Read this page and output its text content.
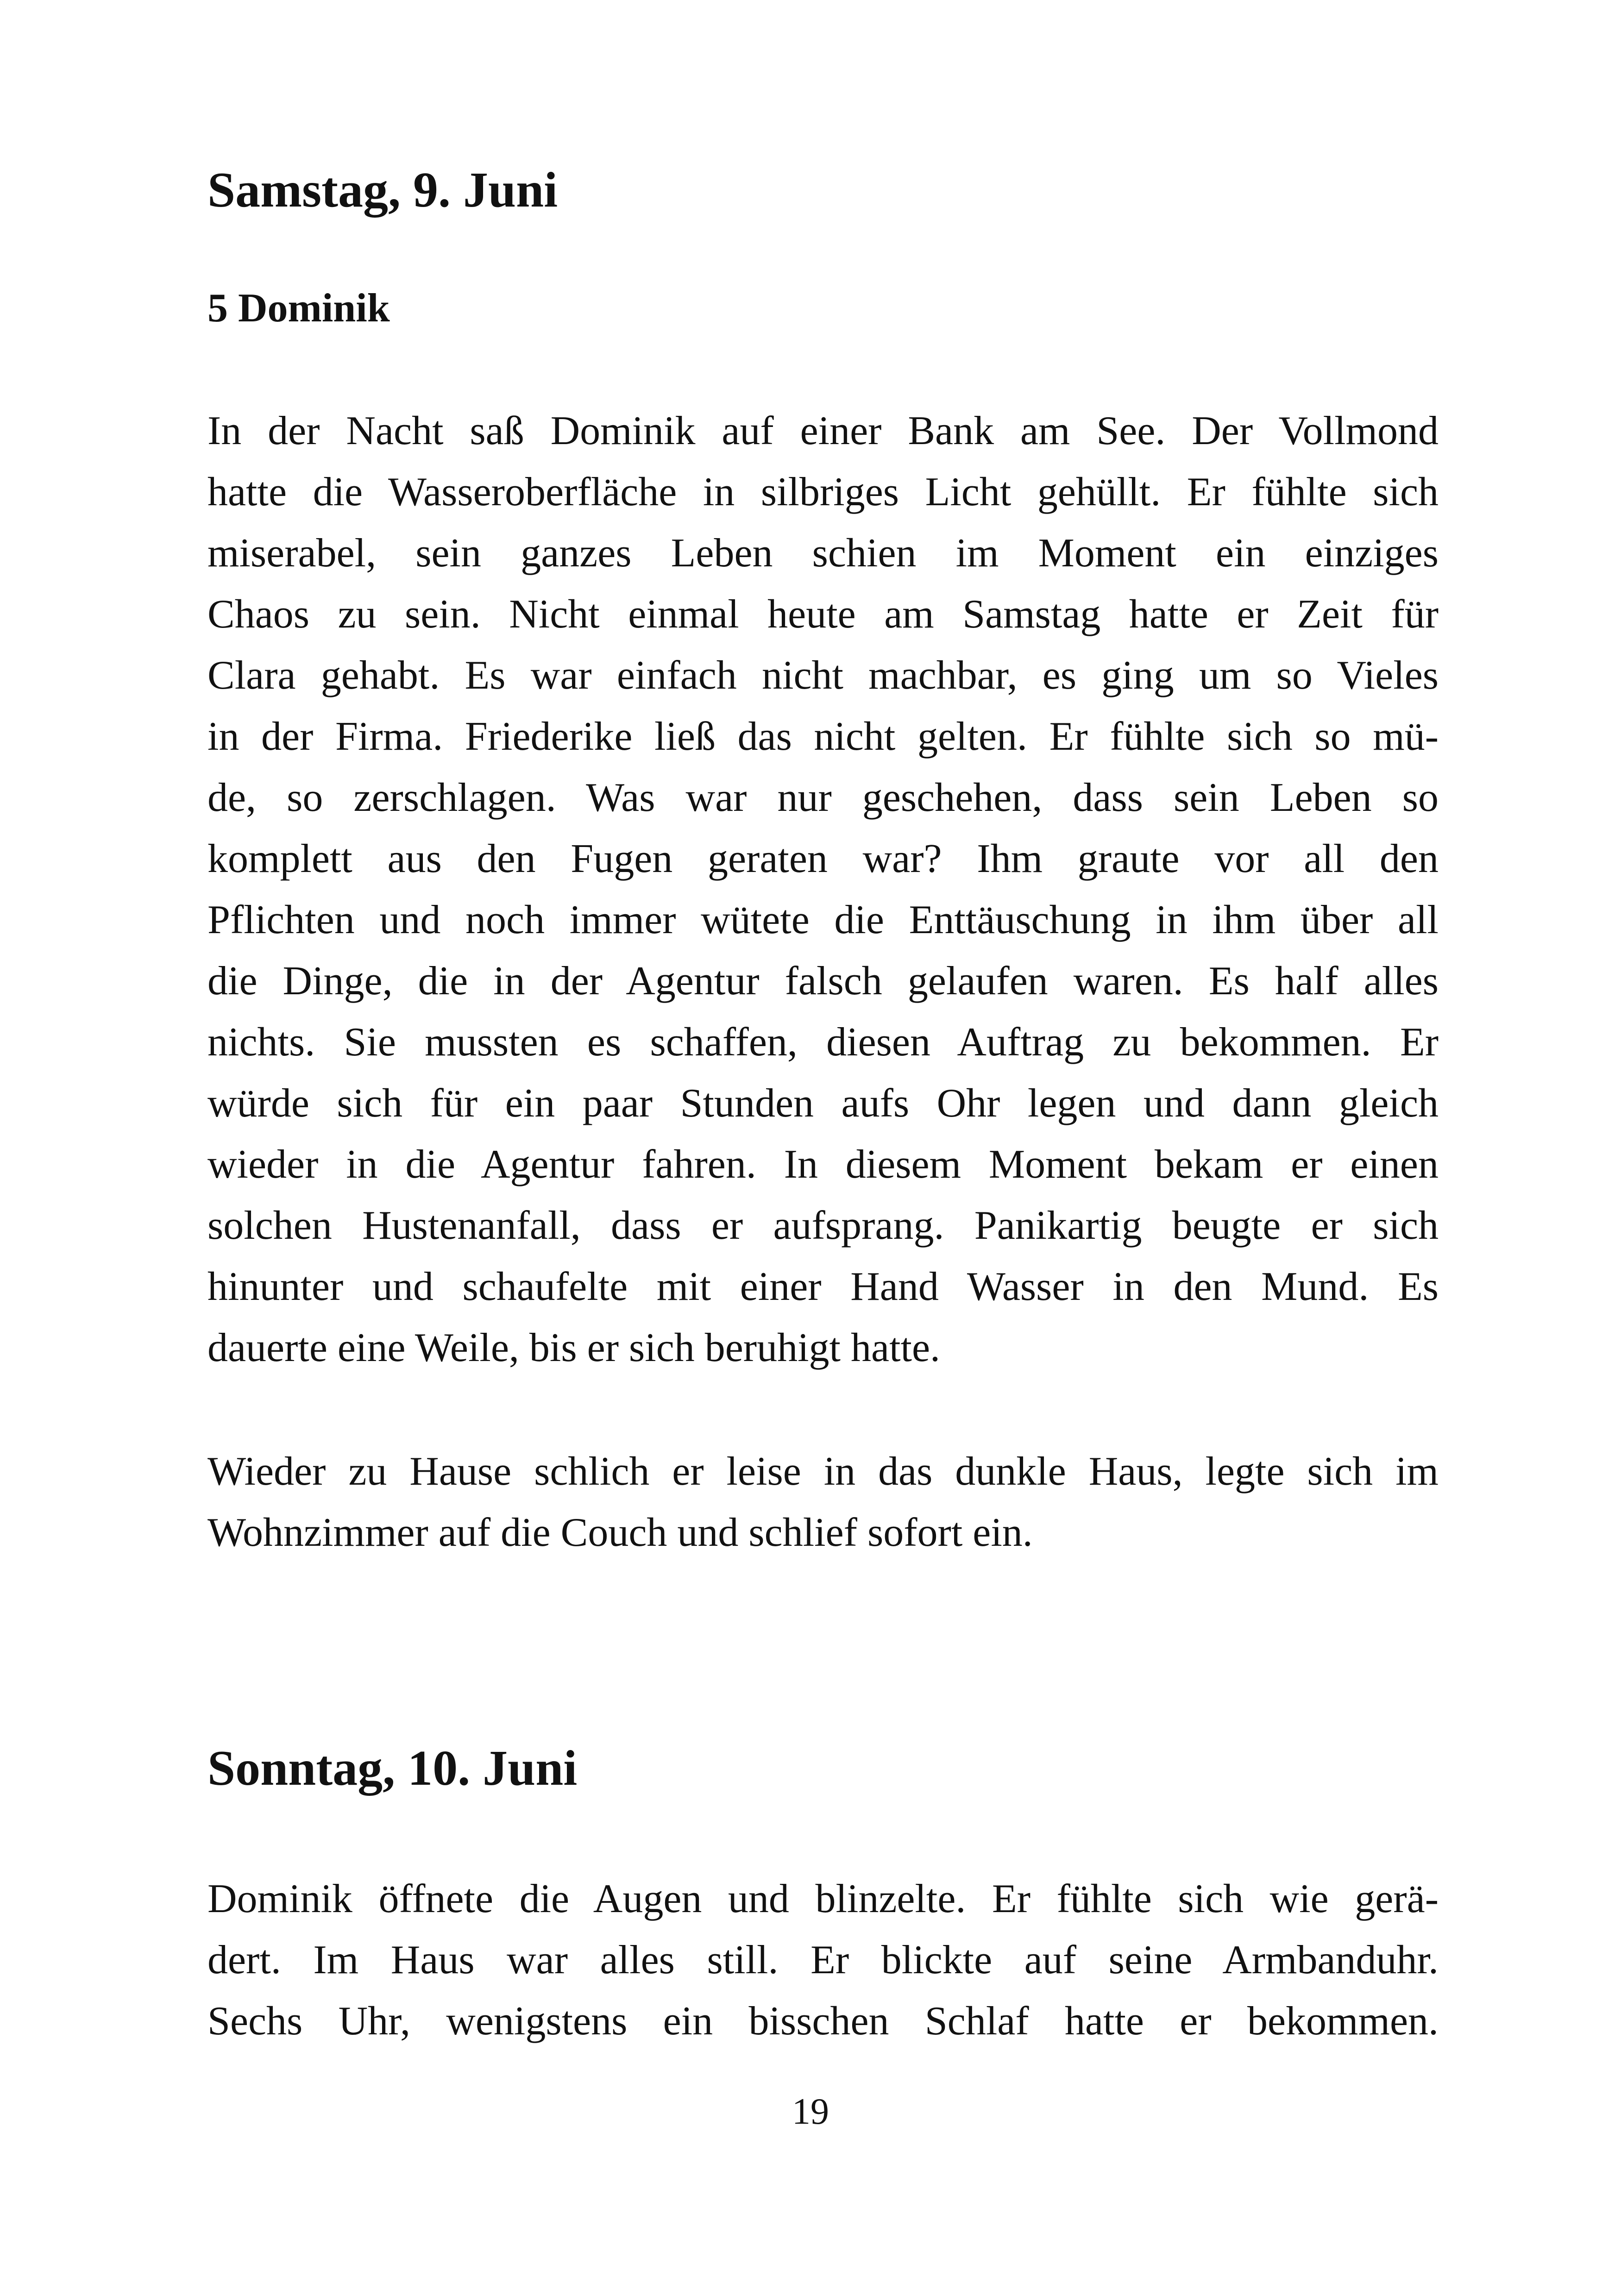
Samstag, 9. Juni
5 Dominik

In der Nacht saß Dominik auf einer Bank am See. Der Vollmond
hatte die Wasseroberfläche in silbriges Licht gehüllt. Er fühlte sich
miserabel, sein ganzes Leben schien im Moment ein einziges
Chaos zu sein. Nicht einmal heute am Samstag hatte er Zeit für
Clara gehabt. Es war einfach nicht machbar, es ging um so Vieles
in der Firma. Friederike ließ das nicht gelten. Er fühlte sich so mü-
de, so zerschlagen. Was war nur geschehen, dass sein Leben so
komplett aus den Fugen geraten war? Ihm graute vor all den
Pflichten und noch immer wütete die Enttäuschung in ihm über all
die Dinge, die in der Agentur falsch gelaufen waren. Es half alles
nichts. Sie mussten es schaffen, diesen Auftrag zu bekommen. Er
würde sich für ein paar Stunden aufs Ohr legen und dann gleich
wieder in die Agentur fahren. In diesem Moment bekam er einen
solchen Hustenanfall, dass er aufsprang. Panikartig beugte er sich
hinunter und schaufelte mit einer Hand Wasser in den Mund. Es
dauerte eine Weile, bis er sich beruhigt hatte.

Wieder zu Hause schlich er leise in das dunkle Haus, legte sich im
Wohnzimmer auf die Couch und schlief sofort ein.

Sonntag, 10. Juni

Dominik öffnete die Augen und blinzelte. Er fühlte sich wie gerä-
dert. Im Haus war alles still. Er blickte auf seine Armbanduhr.
Sechs Uhr, wenigstens ein bisschen Schlaf hatte er bekommen.

19
